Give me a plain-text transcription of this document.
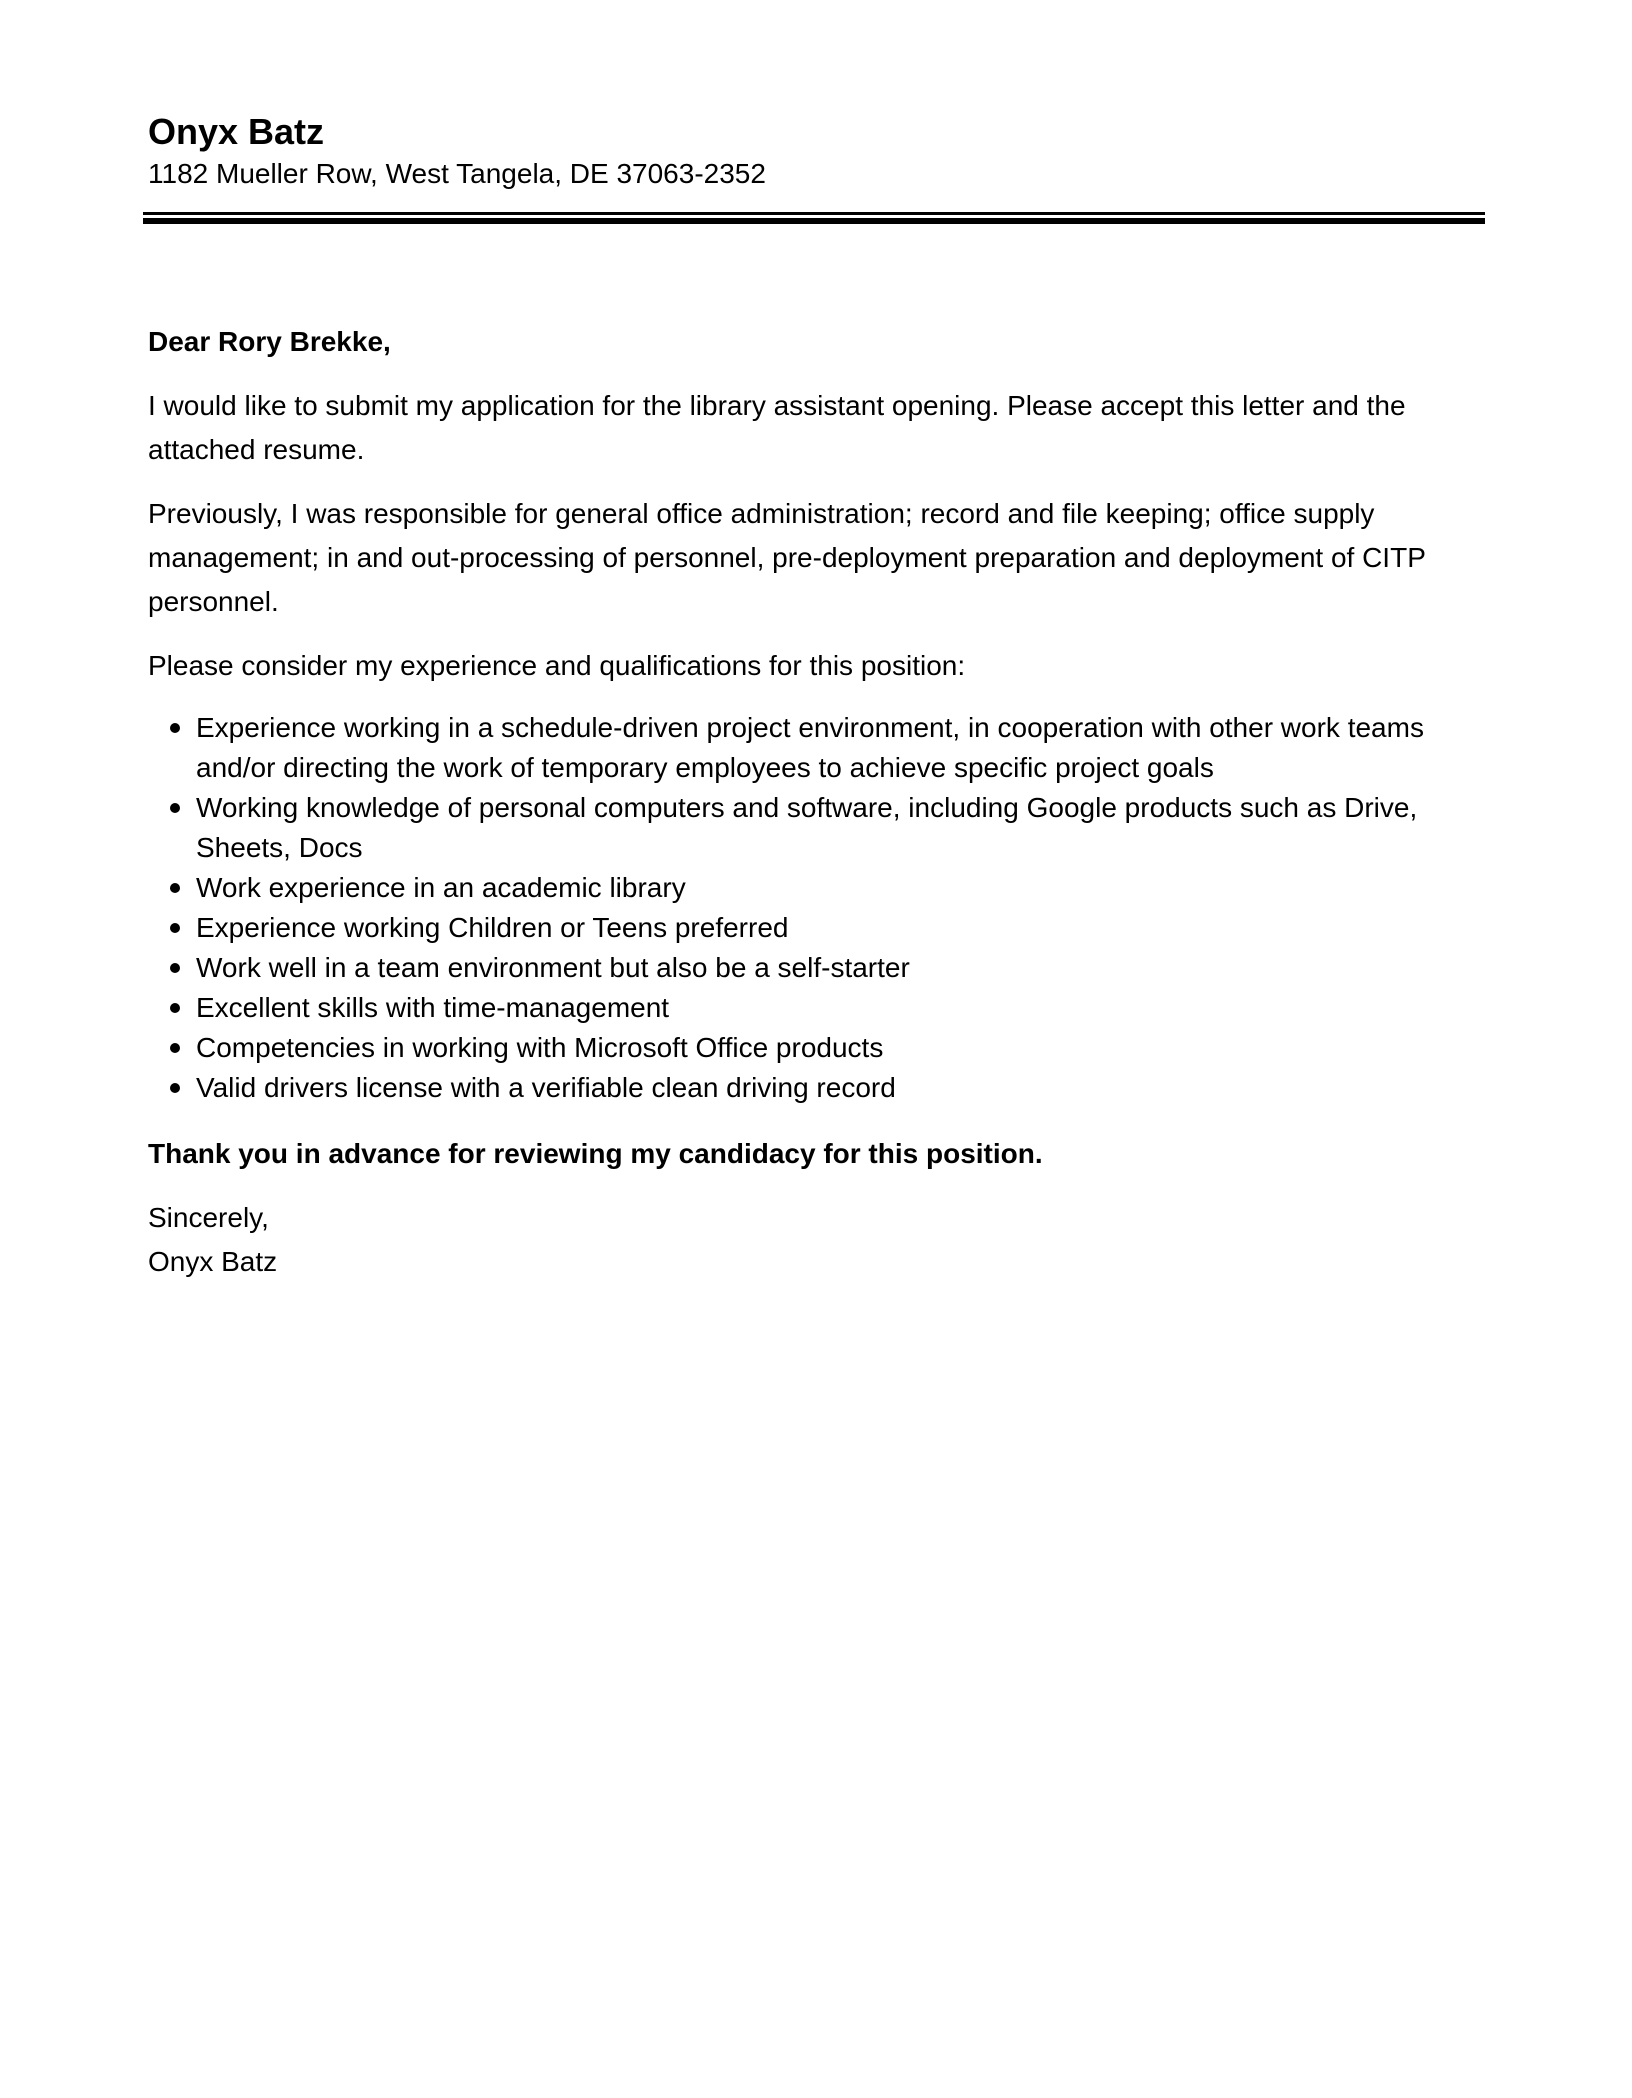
Onyx Batz

1182 Mueller Row, West Tangela, DE 37063-2352

Dear Rory Brekke,

I would like to submit my application for the library assistant opening. Please accept this letter and the attached resume.

Previously, I was responsible for general office administration; record and file keeping; office supply management; in and out-processing of personnel, pre-deployment preparation and deployment of CITP personnel.

Please consider my experience and qualifications for this position:

Experience working in a schedule-driven project environment, in cooperation with other work teams and/or directing the work of temporary employees to achieve specific project goals
Working knowledge of personal computers and software, including Google products such as Drive, Sheets, Docs
Work experience in an academic library
Experience working Children or Teens preferred
Work well in a team environment but also be a self-starter
Excellent skills with time-management
Competencies in working with Microsoft Office products
Valid drivers license with a verifiable clean driving record

Thank you in advance for reviewing my candidacy for this position.

Sincerely,

Onyx Batz
